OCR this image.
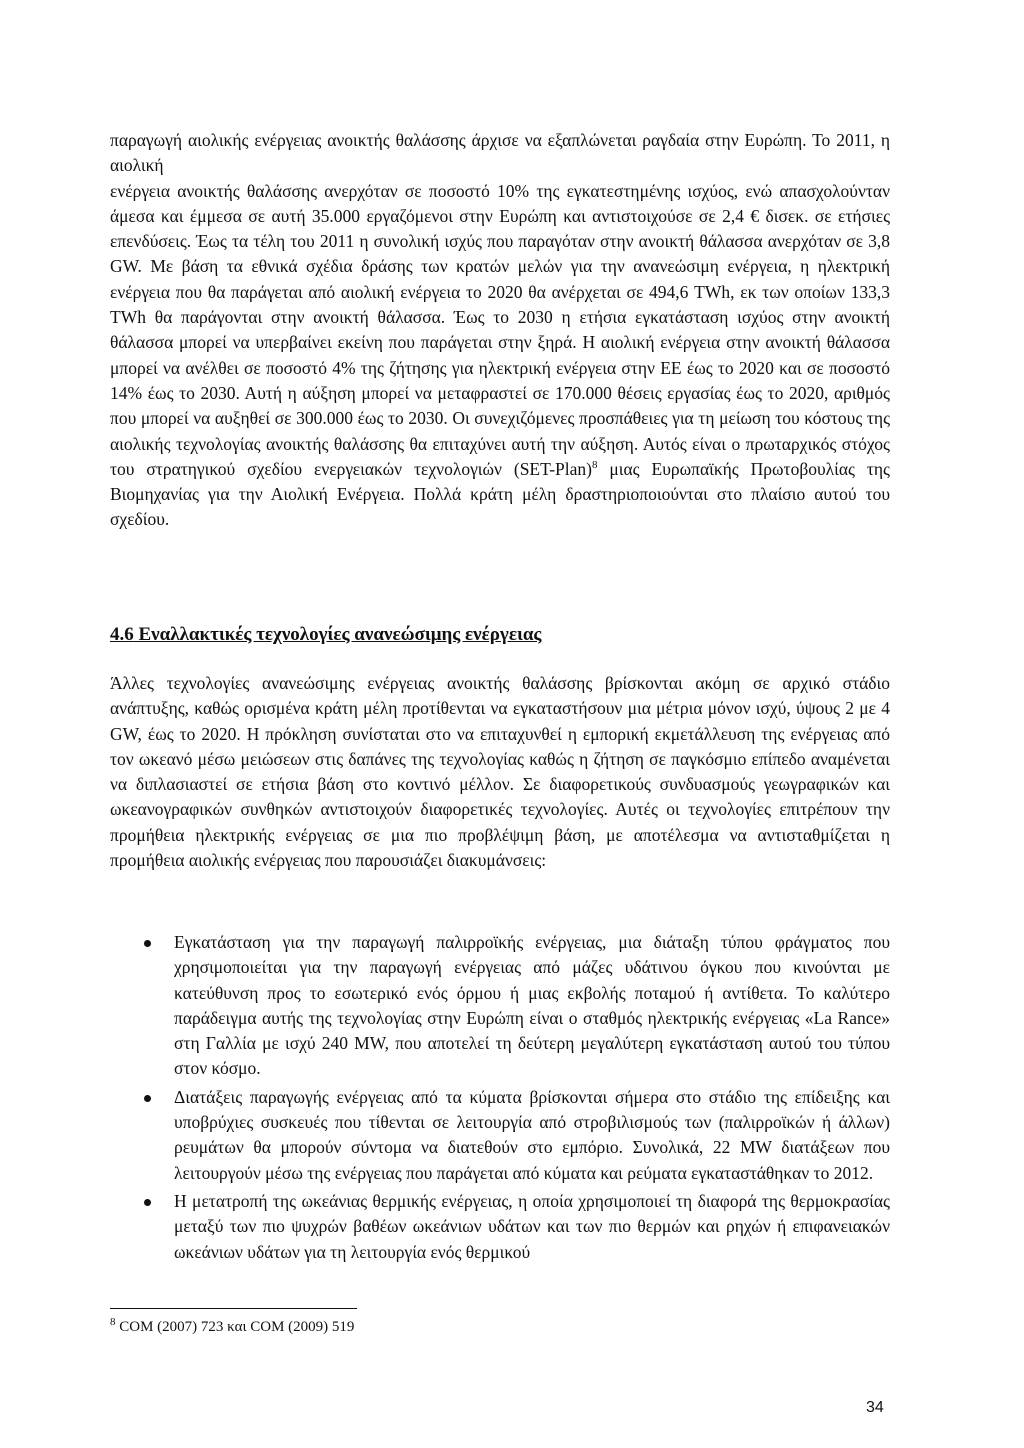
παραγωγή αιολικής ενέργειας ανοικτής θαλάσσης άρχισε να εξαπλώνεται ραγδαία στην Ευρώπη. Το 2011, η αιολική
ενέργεια ανοικτής θαλάσσης ανερχόταν σε ποσοστό 10% της εγκατεστημένης ισχύος, ενώ απασχολούνταν άμεσα και έμμεσα σε αυτή 35.000 εργαζόμενοι στην Ευρώπη και αντιστοιχούσε σε 2,4 € δισεκ. σε ετήσιες επενδύσεις. Έως τα τέλη του 2011 η συνολική ισχύς που παραγόταν στην ανοικτή θάλασσα ανερχόταν σε 3,8 GW. Με βάση τα εθνικά σχέδια δράσης των κρατών μελών για την ανανεώσιμη ενέργεια, η ηλεκτρική ενέργεια που θα παράγεται από αιολική ενέργεια το 2020 θα ανέρχεται σε 494,6 TWh, εκ των οποίων 133,3 TWh θα παράγονται στην ανοικτή θάλασσα. Έως το 2030 η ετήσια εγκατάσταση ισχύος στην ανοικτή θάλασσα μπορεί να υπερβαίνει εκείνη που παράγεται στην ξηρά. Η αιολική ενέργεια στην ανοικτή θάλασσα μπορεί να ανέλθει σε ποσοστό 4% της ζήτησης για ηλεκτρική ενέργεια στην ΕΕ έως το 2020 και σε ποσοστό 14% έως το 2030. Αυτή η αύξηση μπορεί να μεταφραστεί σε 170.000 θέσεις εργασίας έως το 2020, αριθμός που μπορεί να αυξηθεί σε 300.000 έως το 2030. Οι συνεχιζόμενες προσπάθειες για τη μείωση του κόστους της αιολικής τεχνολογίας ανοικτής θαλάσσης θα επιταχύνει αυτή την αύξηση. Αυτός είναι ο πρωταρχικός στόχος του στρατηγικού σχεδίου ενεργειακών τεχνολογιών (SET-Plan)$^8$ μιας Ευρωπαϊκής Πρωτοβουλίας της Βιομηχανίας για την Αιολική Ενέργεια. Πολλά κράτη μέλη δραστηριοποιούνται στο πλαίσιο αυτού του σχεδίου.
4.6 Εναλλακτικές τεχνολογίες ανανεώσιμης ενέργειας
Άλλες τεχνολογίες ανανεώσιμης ενέργειας ανοικτής θαλάσσης βρίσκονται ακόμη σε αρχικό στάδιο ανάπτυξης, καθώς ορισμένα κράτη μέλη προτίθενται να εγκαταστήσουν μια μέτρια μόνον ισχύ, ύψους 2 με 4 GW, έως το 2020. Η πρόκληση συνίσταται στο να επιταχυνθεί η εμπορική εκμετάλλευση της ενέργειας από τον ωκεανό μέσω μειώσεων στις δαπάνες της τεχνολογίας καθώς η ζήτηση σε παγκόσμιο επίπεδο αναμένεται να διπλασιαστεί σε ετήσια βάση στο κοντινό μέλλον. Σε διαφορετικούς συνδυασμούς γεωγραφικών και ωκεανογραφικών συνθηκών αντιστοιχούν διαφορετικές τεχνολογίες. Αυτές οι τεχνολογίες επιτρέπουν την προμήθεια ηλεκτρικής ενέργειας σε μια πιο προβλέψιμη βάση, με αποτέλεσμα να αντισταθμίζεται η προμήθεια αιολικής ενέργειας που παρουσιάζει διακυμάνσεις:
Εγκατάσταση για την παραγωγή παλιρροϊκής ενέργειας, μια διάταξη τύπου φράγματος που χρησιμοποιείται για την παραγωγή ενέργειας από μάζες υδάτινου όγκου που κινούνται με κατεύθυνση προς το εσωτερικό ενός όρμου ή μιας εκβολής ποταμού ή αντίθετα. Το καλύτερο παράδειγμα αυτής της τεχνολογίας στην Ευρώπη είναι ο σταθμός ηλεκτρικής ενέργειας «La Rance» στη Γαλλία με ισχύ 240 MW, που αποτελεί τη δεύτερη μεγαλύτερη εγκατάσταση αυτού του τύπου στον κόσμο.
Διατάξεις παραγωγής ενέργειας από τα κύματα βρίσκονται σήμερα στο στάδιο της επίδειξης και υποβρύχιες συσκευές που τίθενται σε λειτουργία από στροβιλισμούς των (παλιρροϊκών ή άλλων) ρευμάτων θα μπορούν σύντομα να διατεθούν στο εμπόριο. Συνολικά, 22 MW διατάξεων που λειτουργούν μέσω της ενέργειας που παράγεται από κύματα και ρεύματα εγκαταστάθηκαν το 2012.
Η μετατροπή της ωκεάνιας θερμικής ενέργειας, η οποία χρησιμοποιεί τη διαφορά της θερμοκρασίας μεταξύ των πιο ψυχρών βαθέων ωκεάνιων υδάτων και των πιο θερμών και ρηχών ή επιφανειακών ωκεάνιων υδάτων για τη λειτουργία ενός θερμικού
$^8$ COM (2007) 723 και COM (2009) 519
34
